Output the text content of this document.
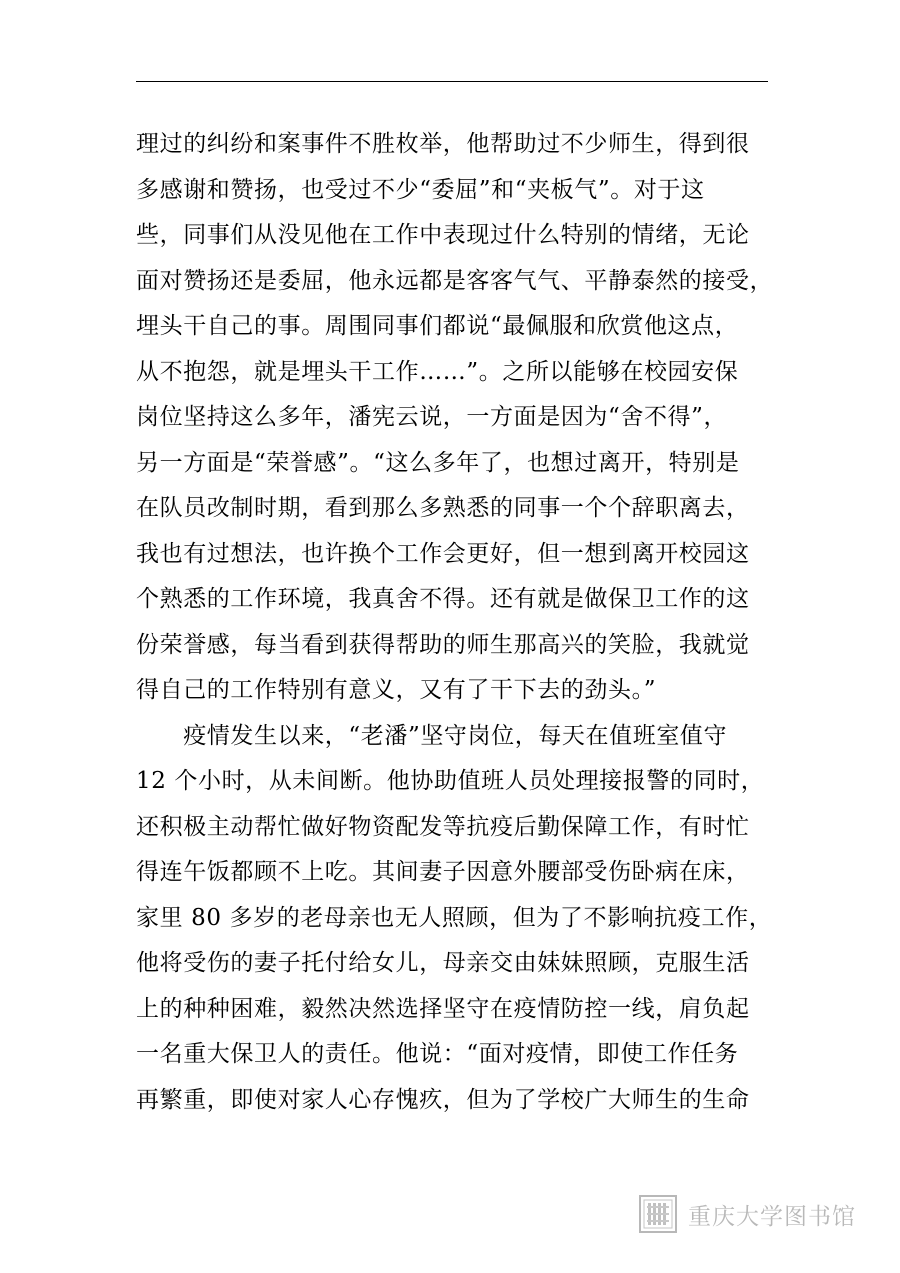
理过的纠纷和案事件不胜枚举，他帮助过不少师生，得到很
多感谢和赞扬，也受过不少“委屈”和“夹板气”。对于这
些，同事们从没见他在工作中表现过什么特别的情绪，无论
面对赞扬还是委屈，他永远都是客客气气、平静泰然的接受，
埋头干自己的事。周围同事们都说“最佩服和欣赏他这点，
从不抱怨，就是埋头干工作……”。之所以能够在校园安保
岗位坚持这么多年，潘宪云说，一方面是因为“舍不得”，
另一方面是“荣誉感”。“这么多年了，也想过离开，特别是
在队员改制时期，看到那么多熟悉的同事一个个辞职离去，
我也有过想法，也许换个工作会更好，但一想到离开校园这
个熟悉的工作环境，我真舍不得。还有就是做保卫工作的这
份荣誉感，每当看到获得帮助的师生那高兴的笑脸，我就觉
得自己的工作特别有意义，又有了干下去的劲头。”
　　疫情发生以来，“老潘”坚守岗位，每天在值班室值守
12 个小时，从未间断。他协助值班人员处理接报警的同时，
还积极主动帮忙做好物资配发等抗疫后勤保障工作，有时忙
得连午饭都顾不上吃。其间妻子因意外腰部受伤卧病在床，
家里 80 多岁的老母亲也无人照顾，但为了不影响抗疫工作，
他将受伤的妻子托付给女儿，母亲交由妹妹照顾，克服生活
上的种种困难，毅然决然选择坚守在疫情防控一线，肩负起
一名重大保卫人的责任。他说：“面对疫情，即使工作任务
再繁重，即使对家人心存愧疚，但为了学校广大师生的生命
重庆大学图书馆
